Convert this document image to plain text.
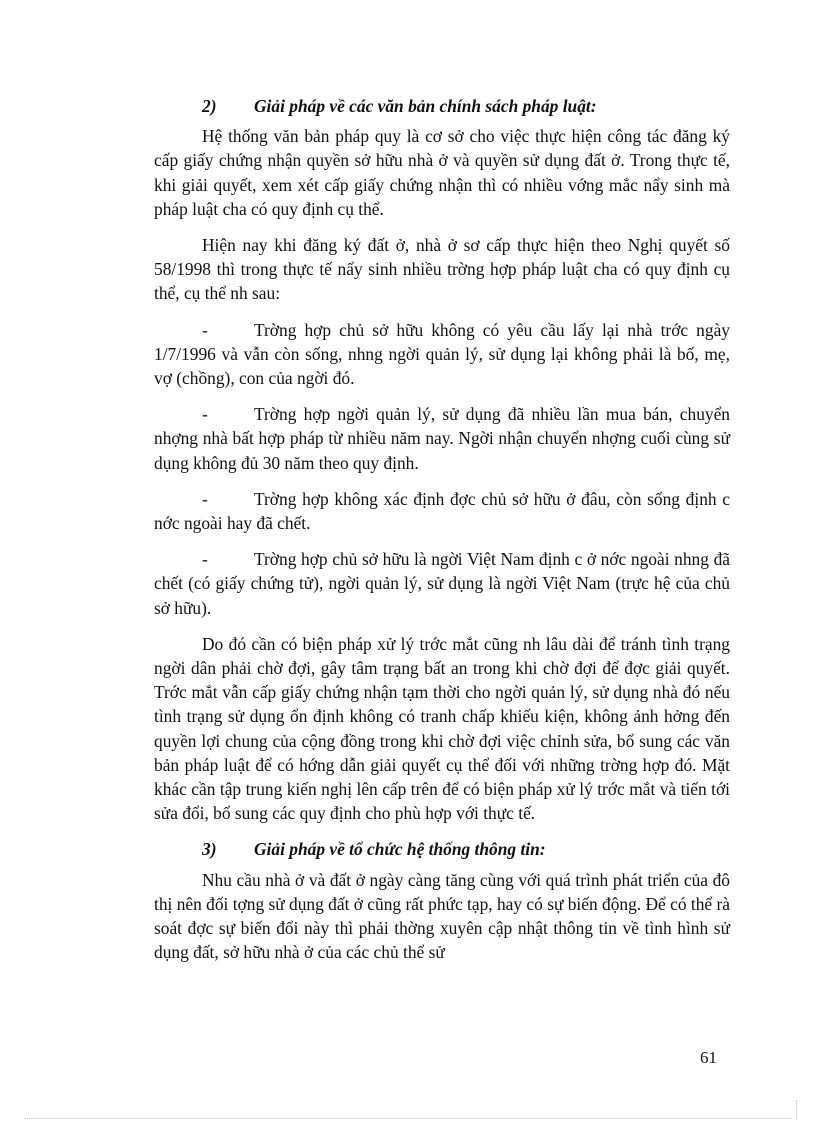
2)	Giải pháp về các văn bản chính sách pháp luật:

Hệ thống văn bản pháp quy là cơ sở cho việc thực hiện công tác đăng ký cấp giấy chứng nhận quyền sở hữu nhà ở và quyền sử dụng đất ở. Trong thực tế, khi giải quyết, xem xét cấp giấy chứng nhận thì có nhiều vớng mắc nẩy sinh mà pháp luật cha có quy định cụ thể.

Hiện nay khi đăng ký đất ở, nhà ở sơ cấp thực hiện theo Nghị quyết số 58/1998 thì trong thực tế nẩy sinh nhiều trờng hợp pháp luật cha có quy định cụ thể, cụ thể nh sau:

-	Trờng hợp chủ sở hữu không có yêu cầu lấy lại nhà trớc ngày 1/7/1996 và vẫn còn sống, nhng ngời quản lý, sử dụng lại không phải là bố, mẹ, vợ (chồng), con của ngời đó.

-	Trờng hợp ngời quản lý, sử dụng đã nhiều lần mua bán, chuyển nhợng nhà bất hợp pháp từ nhiều năm nay. Ngời nhận chuyển nhợng cuối cùng sử dụng không đủ 30 năm theo quy định.

-	Trờng hợp không xác định đợc chủ sở hữu ở đâu, còn sống định c nớc ngoài hay đã chết.

-	Trờng hợp chủ sở hữu là ngời Việt Nam định c ở nớc ngoài nhng đã chết (có giấy chứng tử), ngời quản lý, sử dụng là ngời Việt Nam (trực hệ của chủ sở hữu).

Do đó cần có biện pháp xử lý trớc mắt cũng nh lâu dài để tránh tình trạng ngời dân phải chờ đợi, gây tâm trạng bất an trong khi chờ đợi để đợc giải quyết. Trớc mắt vẫn cấp giấy chứng nhận tạm thời cho ngời quản lý, sử dụng nhà đó nếu tình trạng sử dụng ổn định không có tranh chấp khiếu kiện, không ảnh hởng đến quyền lợi chung của cộng đồng trong khi chờ đợi việc chỉnh sửa, bổ sung các văn bản pháp luật để có hớng dẫn giải quyết cụ thể đối với những trờng hợp đó. Mặt khác cần tập trung kiến nghị lên cấp trên để có biện pháp xử lý trớc mắt và tiến tới sửa đổi, bổ sung các quy định cho phù hợp với thực tế.

3)	Giải pháp về tổ chức hệ thống thông tin:

Nhu cầu nhà ở và đất ở ngày càng tăng cùng với quá trình phát triển của đô thị nên đối tợng sử dụng đất ở cũng rất phức tạp, hay có sự biến động. Để có thể rà soát đợc sự biến đổi này thì phải thờng xuyên cập nhật thông tin về tình hình sử dụng đất, sở hữu nhà ở của các chủ thể sử

61
